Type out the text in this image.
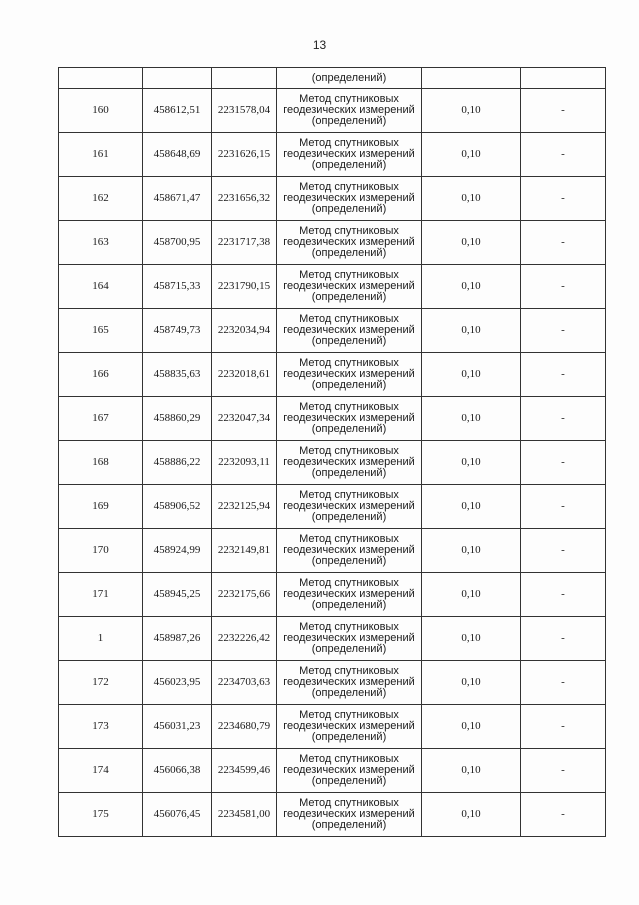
13
			(определений)		
160	458612,51	2231578,04	Метод спутниковых
геодезических измерений
(определений)	0,10	-
161	458648,69	2231626,15	Метод спутниковых
геодезических измерений
(определений)	0,10	-
162	458671,47	2231656,32	Метод спутниковых
геодезических измерений
(определений)	0,10	-
163	458700,95	2231717,38	Метод спутниковых
геодезических измерений
(определений)	0,10	-
164	458715,33	2231790,15	Метод спутниковых
геодезических измерений
(определений)	0,10	-
165	458749,73	2232034,94	Метод спутниковых
геодезических измерений
(определений)	0,10	-
166	458835,63	2232018,61	Метод спутниковых
геодезических измерений
(определений)	0,10	-
167	458860,29	2232047,34	Метод спутниковых
геодезических измерений
(определений)	0,10	-
168	458886,22	2232093,11	Метод спутниковых
геодезических измерений
(определений)	0,10	-
169	458906,52	2232125,94	Метод спутниковых
геодезических измерений
(определений)	0,10	-
170	458924,99	2232149,81	Метод спутниковых
геодезических измерений
(определений)	0,10	-
171	458945,25	2232175,66	Метод спутниковых
геодезических измерений
(определений)	0,10	-
1	458987,26	2232226,42	Метод спутниковых
геодезических измерений
(определений)	0,10	-
172	456023,95	2234703,63	Метод спутниковых
геодезических измерений
(определений)	0,10	-
173	456031,23	2234680,79	Метод спутниковых
геодезических измерений
(определений)	0,10	-
174	456066,38	2234599,46	Метод спутниковых
геодезических измерений
(определений)	0,10	-
175	456076,45	2234581,00	Метод спутниковых
геодезических измерений
(определений)	0,10	-
